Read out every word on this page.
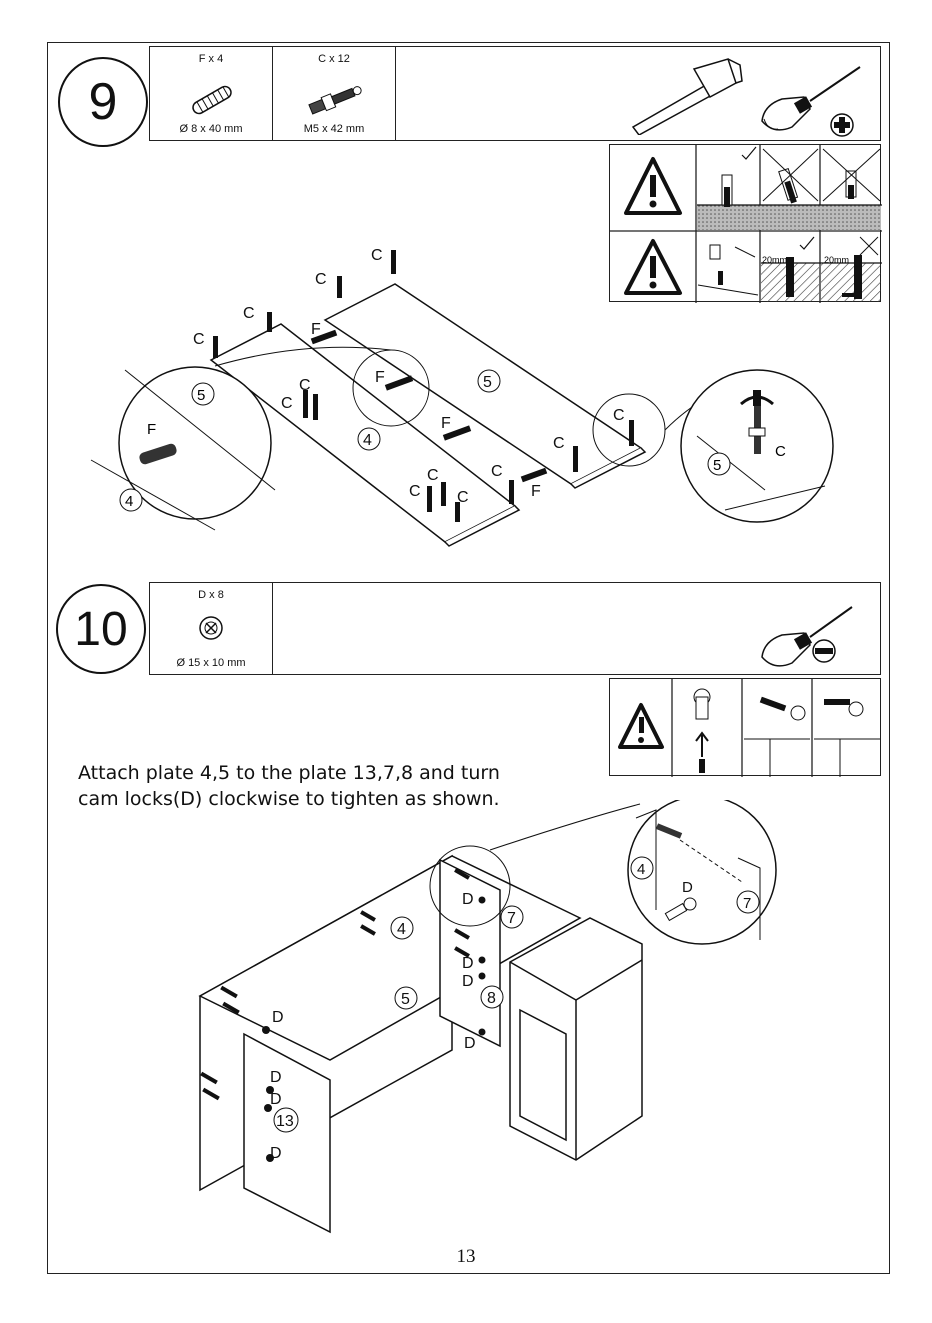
9
F x 4
Ø 8 x 40 mm
C x 12
M5 x 42 mm
20mm	20mm
C
C
C
C
C
C
C
C C
C
C
C
F
F
F
F
5
4
F
5
4
C
5
10
D x 8
Ø 15 x 10 mm
Attach plate 4,5 to the plate 13,7,8 and turn
cam locks(D) clockwise to tighten as shown.
D
D
D
D
D
D
D
D
4
5
7
8
13
D
4
7
13
